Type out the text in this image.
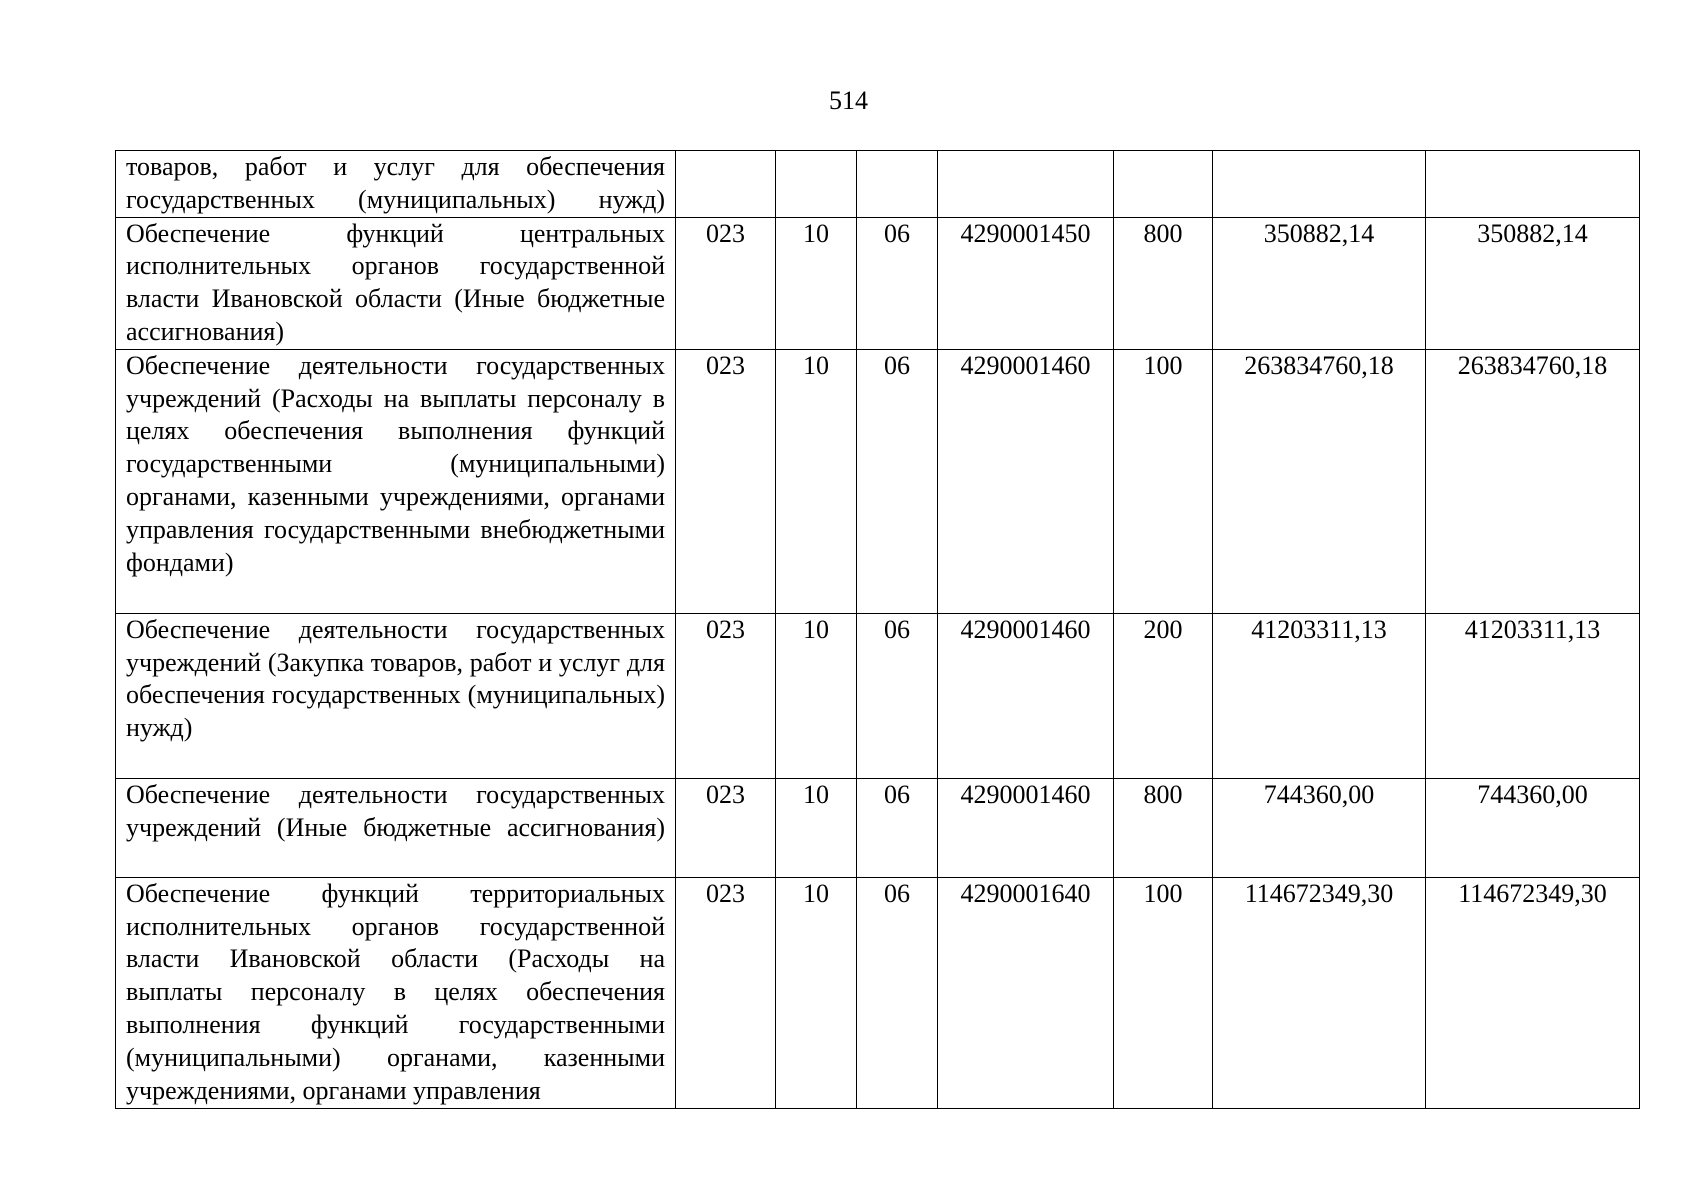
514
товаров, работ и услуг для обеспечения государственных (муниципальных) нужд)							
Обеспечение функций центральных исполнительных органов государственной власти Ивановской области (Иные бюджетные ассигнования)	023	10	06	4290001450	800	350882,14	350882,14
Обеспечение деятельности государственных учреждений (Расходы на выплаты персоналу в целях обеспечения выполнения функций государственными (муниципальными) органами, казенными учреждениями, органами управления государственными внебюджетными фондами)	023	10	06	4290001460	100	263834760,18	263834760,18
Обеспечение деятельности государственных учреждений (Закупка товаров, работ и услуг для обеспечения государственных (муниципальных) нужд)	023	10	06	4290001460	200	41203311,13	41203311,13
Обеспечение деятельности государственных учреждений (Иные бюджетные ассигнования)	023	10	06	4290001460	800	744360,00	744360,00
Обеспечение функций территориальных исполнительных органов государственной власти Ивановской области (Расходы на выплаты персоналу в целях обеспечения выполнения функций государственными (муниципальными) органами, казенными учреждениями, органами управления	023	10	06	4290001640	100	114672349,30	114672349,30
